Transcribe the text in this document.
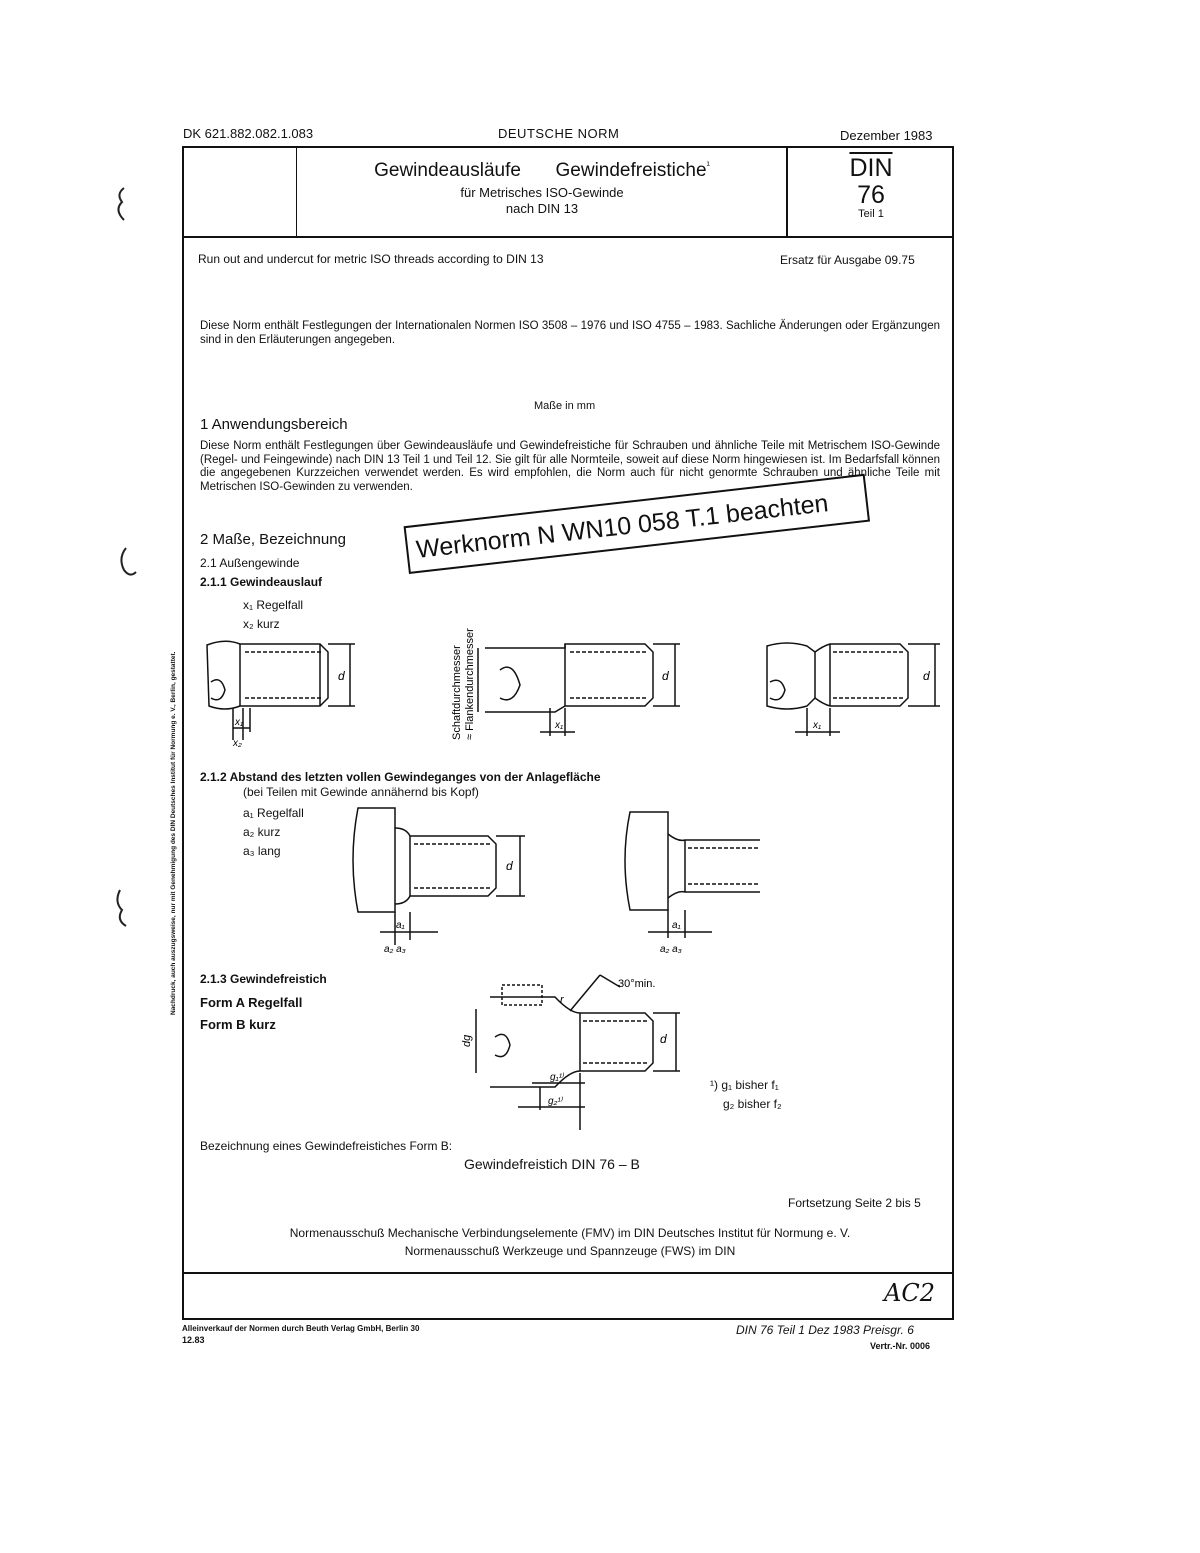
DK 621.882.082.1.083	DEUTSCHE NORM	Dezember 1983
Gewindeausläufe Gewindefreistiche$^{^1}$
für Metrisches ISO-Gewinde
nach DIN 13
$\overline{DIN}$
76
Teil 1
Run out and undercut for metric ISO threads according to DIN 13	Ersatz für Ausgabe 09.75
Diese Norm enthält Festlegungen der Internationalen Normen ISO 3508 – 1976 und ISO 4755 – 1983. Sachliche Änderungen oder Ergänzungen sind in den Erläuterungen angegeben.
Maße in mm
1 Anwendungsbereich
Diese Norm enthält Festlegungen über Gewindeausläufe und Gewindefreistiche für Schrauben und ähnliche Teile mit Metrischem ISO-Gewinde (Regel- und Feingewinde) nach DIN 13 Teil 1 und Teil 12. Sie gilt für alle Normteile, soweit auf diese Norm hingewiesen ist. Im Bedarfsfall können die angegebenen Kurzzeichen verwendet werden. Es wird empfohlen, die Norm auch für nicht genormte Schrauben und ähnliche Teile mit Metrischen ISO-Gewinden zu verwenden.
2 Maße, Bezeichnung
2.1 Außengewinde
2.1.1 Gewindeauslauf
x₁ Regelfall
x₂ kurz
Werknorm N WN10 058 T.1 beachten
d
x₁
x₂
d
x₁
d
x₁
Schaftdurchmesser ≈ Flankendurchmesser
2.1.2 Abstand des letzten vollen Gewindeganges von der Anlagefläche
(bei Teilen mit Gewinde annähernd bis Kopf)
a₁ Regelfall
a₂ kurz
a₃ lang
d
a₁
a₂ a₃
a₁
a₂ a₃
2.1.3 Gewindefreistich
Form A Regelfall
Form B kurz
30°min.
r
d
dg
g₁¹⁾
g₂¹⁾
¹) g₁ bisher f₁
g₂ bisher f₂
Bezeichnung eines Gewindefreistiches Form B:
Gewindefreistich DIN 76 – B
Fortsetzung Seite 2 bis 5
Normenausschuß Mechanische Verbindungselemente (FMV) im DIN Deutsches Institut für Normung e. V.
Normenausschuß Werkzeuge und Spannzeuge (FWS) im DIN
AC2
Alleinverkauf der Normen durch Beuth Verlag GmbH, Berlin 30
12.83
DIN 76 Teil 1 Dez 1983 Preisgr. 6
Vertr.-Nr. 0006
Nachdruck, auch auszugsweise, nur mit Genehmigung des DIN Deutsches Institut für Normung e. V., Berlin, gestattet.
